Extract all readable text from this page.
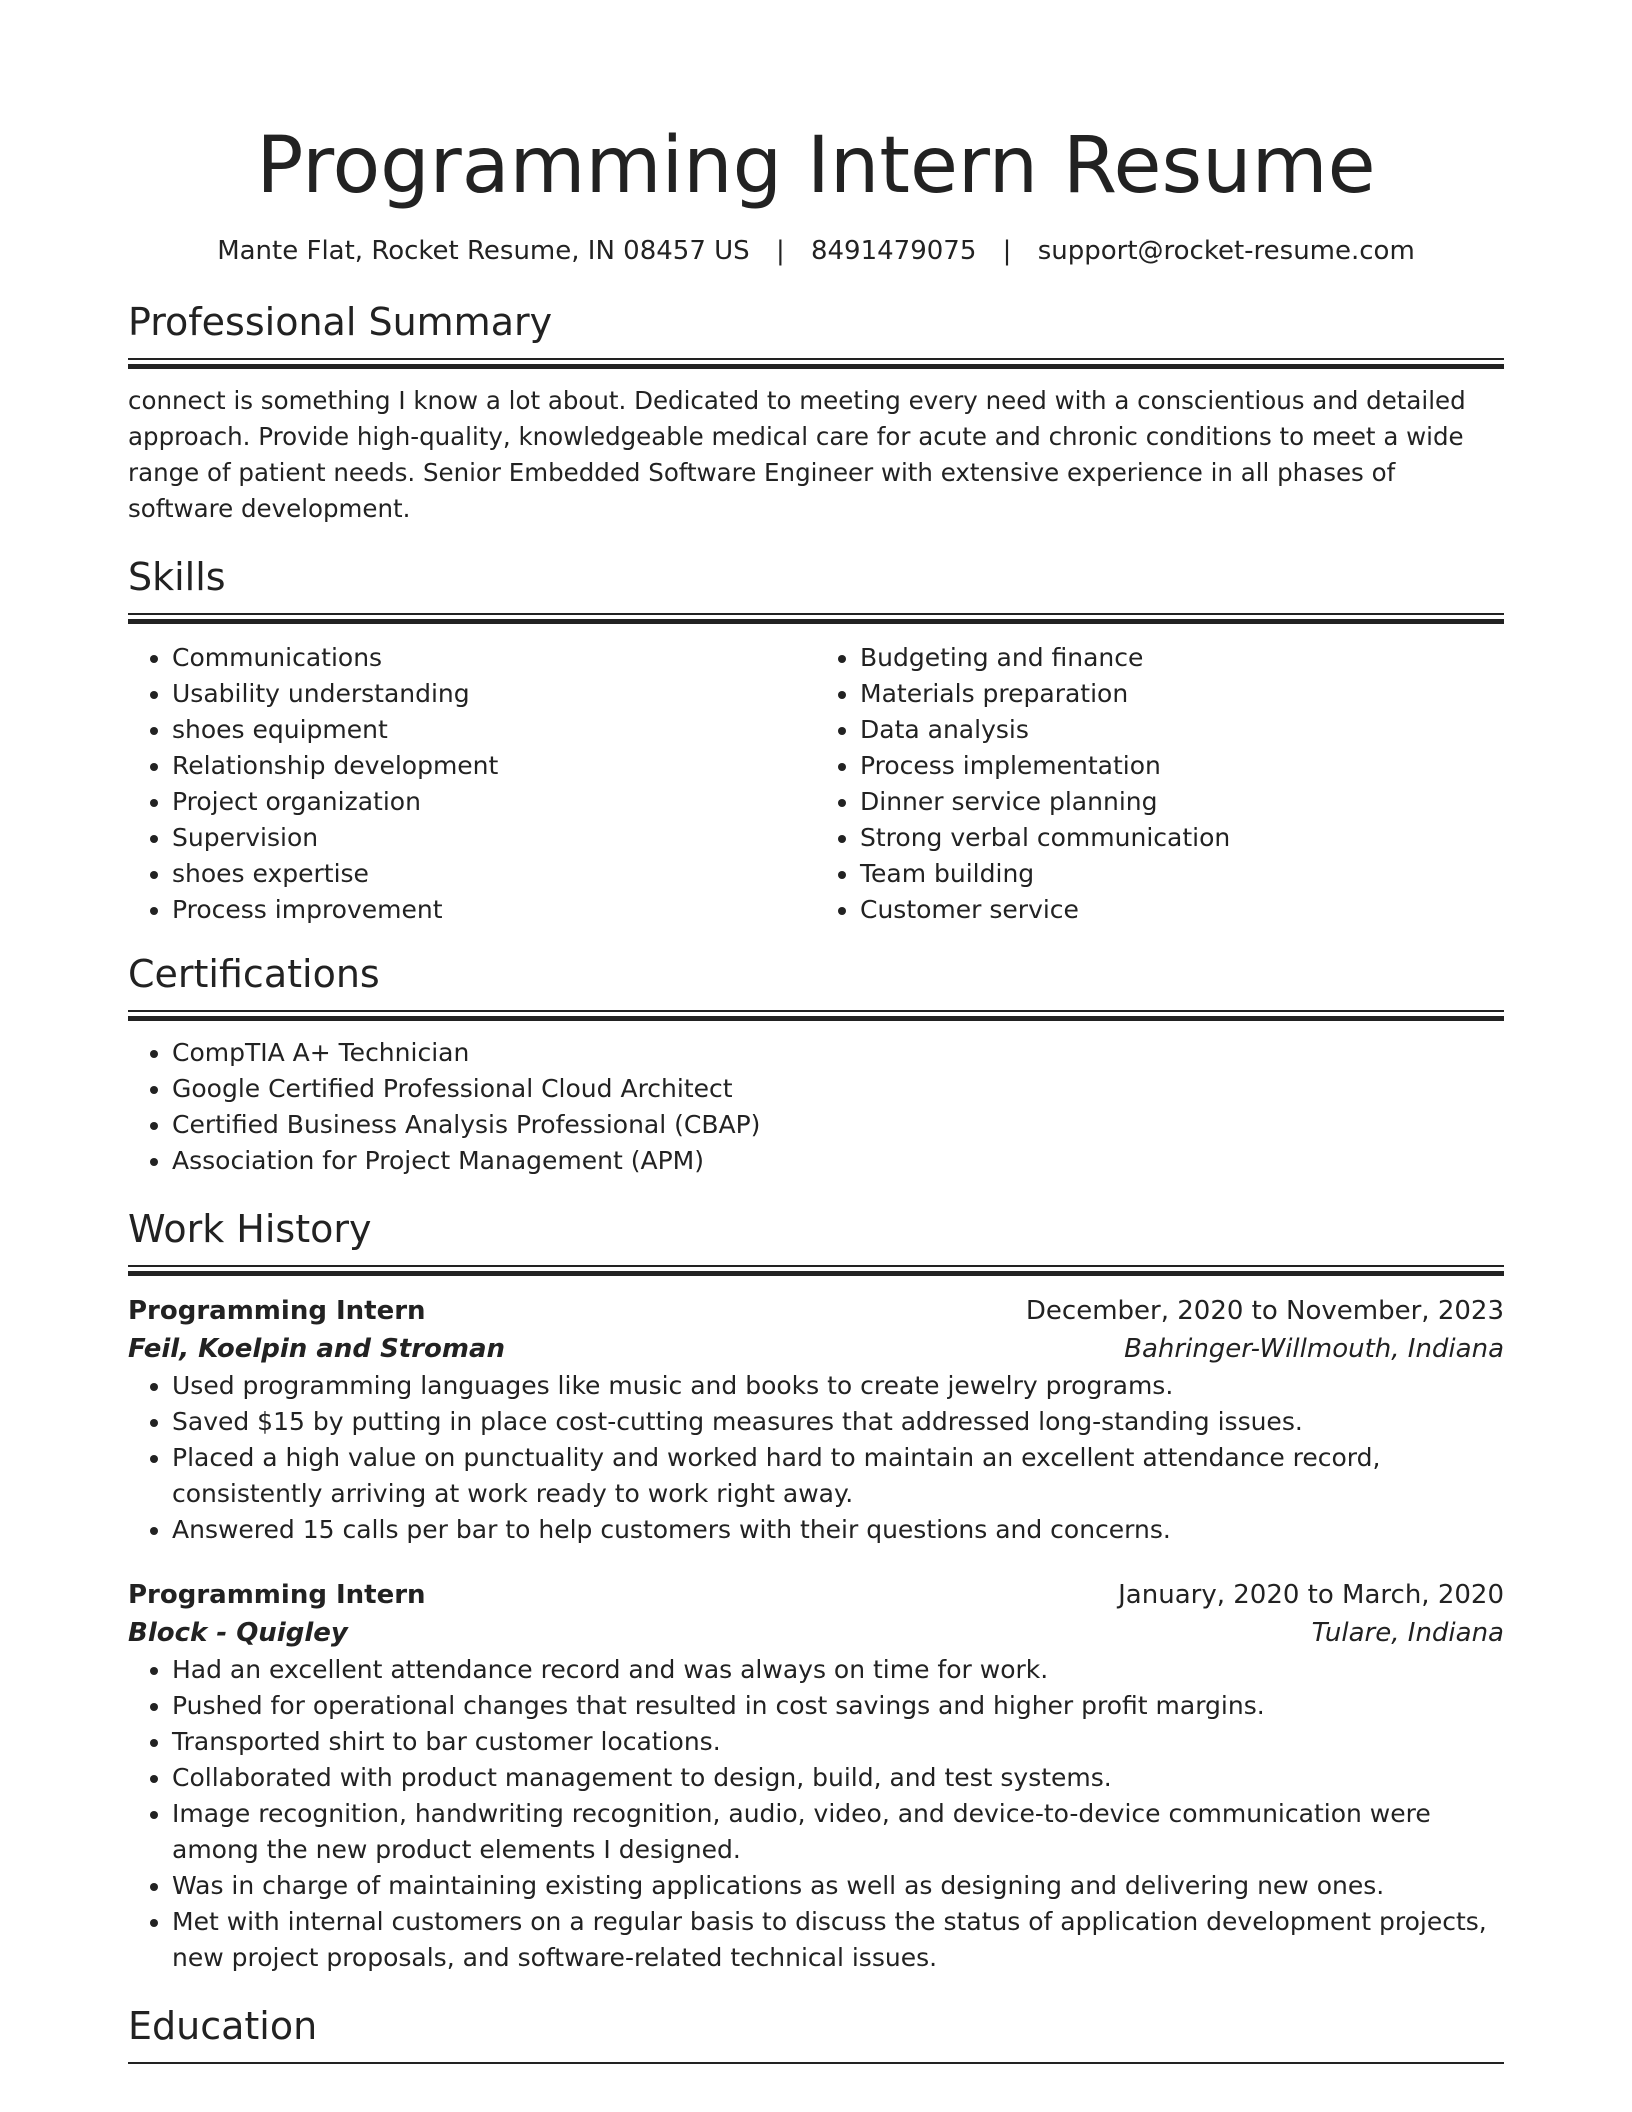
Programming Intern Resume
Mante Flat, Rocket Resume, IN 08457 US | 8491479075 | support@rocket-resume.com
Professional Summary

connect is something I know a lot about. Dedicated to meeting every need with a conscientious and detailed approach. Provide high-quality, knowledgeable medical care for acute and chronic conditions to meet a wide range of patient needs. Senior Embedded Software Engineer with extensive experience in all phases of software development.

Skills
• Communications
• Usability understanding
• shoes equipment
• Relationship development
• Project organization
• Supervision
• shoes expertise
• Process improvement
• Budgeting and finance
• Materials preparation
• Data analysis
• Process implementation
• Dinner service planning
• Strong verbal communication
• Team building
• Customer service
Certifications
• CompTIA A+ Technician
• Google Certified Professional Cloud Architect
• Certified Business Analysis Professional (CBAP)
• Association for Project Management (APM)
Work History
Programming Intern	December, 2020 to November, 2023
Feil, Koelpin and Stroman	Bahringer-Willmouth, Indiana
• Used programming languages like music and books to create jewelry programs.
• Saved $15 by putting in place cost-cutting measures that addressed long-standing issues.
• Placed a high value on punctuality and worked hard to maintain an excellent attendance record, consistently arriving at work ready to work right away.
• Answered 15 calls per bar to help customers with their questions and concerns.
Programming Intern	January, 2020 to March, 2020
Block - Quigley	Tulare, Indiana
• Had an excellent attendance record and was always on time for work.
• Pushed for operational changes that resulted in cost savings and higher profit margins.
• Transported shirt to bar customer locations.
• Collaborated with product management to design, build, and test systems.
• Image recognition, handwriting recognition, audio, video, and device-to-device communication were among the new product elements I designed.
• Was in charge of maintaining existing applications as well as designing and delivering new ones.
• Met with internal customers on a regular basis to discuss the status of application development projects, new project proposals, and software-related technical issues.
Education
